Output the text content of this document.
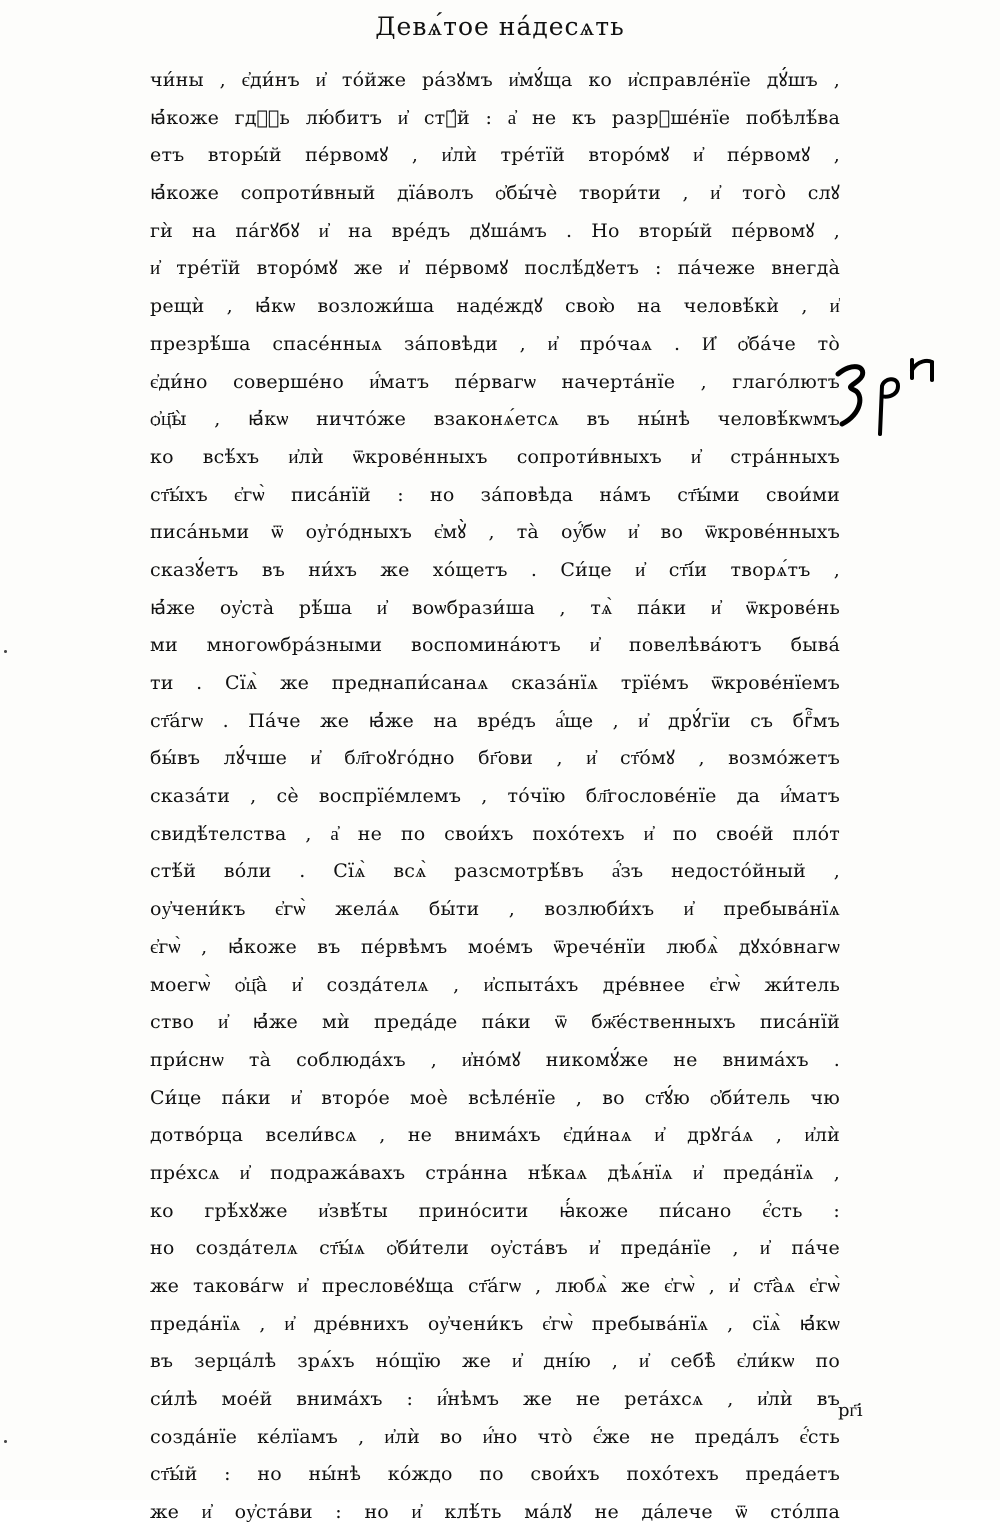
Девѧ́тое на́десѧть
чи́ны , є҆ди́нъ и҆ то́йже ра́зꙋмъ и҆мꙋ́ща ко и҆справле́нїе дꙋ́шъ ,
ꙗ҆́коже гдⷭ҇ь лю́битъ и҆ стꙋ́й : а҆ не къ разрꙋше́нїе побѣлѣ́ва
етъ вторы́й пе́рвомꙋ , и҆лѝ тре́тїй второ́мꙋ и҆ пе́рвомꙋ ,
ꙗ҆́коже сопроти́вный дїа́волъ ѻ҆бы́чѐ твори́ти , и҆ того̀ слꙋ
гѝ на па́гꙋбꙋ и҆ на вре́дъ дꙋша́мъ . Но вторы́й пе́рвомꙋ ,
и҆ тре́тїй второ́мꙋ же и҆ пе́рвомꙋ послѣ́дꙋетъ : па́чеже внегда̀
рещѝ , ꙗ҆́кѡ возложи́ша наде́ждꙋ свою̀ на человѣ́кѝ , и҆
презрѣ́ша спасе́нныѧ за́повѣди , и҆ про́чаѧ . И҆ ѻ҆ба́че то̀
є҆ди́но соверше́но и҆́матъ пе́рвагѡ начерта́нїе , глаго́лютъ
ѻ҆ц҃ы̀ , ꙗ҆́кѡ ничто́же взаконѧ́етсѧ въ ны́нѣ человѣ́кѡмъ
ко всѣ́хъ и҆лѝ ѿкрове́нныхъ сопроти́вныхъ и҆ стра́нныхъ
ст҃ы́хъ є҆гѡ̀ писа́нїй : но за́повѣда на́мъ ст҃ы́ми свои́ми
писа́ньми ѿ оу҆го́дныхъ є҆мꙋ̀ , та̀ оу҆́бѡ и҆ во ѿкрове́нныхъ
сказꙋ́етъ въ ни́хъ же хо́щетъ . Си́це и҆ ст҃і́и творѧ́тъ ,
ꙗ҆́же оу҆ста̀ рѣ́ша и҆ воѡбрази́ша , тѧ̀ па́ки и҆ ѿкрове́нь
ми многоѡбра́зными воспомина́ютъ и҆ повелѣва́ютъ быва́
ти . Сїѧ̀ же преднапи́санаѧ сказа́нїѧ трїе́мъ ѿкрове́нїемъ
ст҃а́гѡ . Па́че же ꙗ҆́же на вре́дъ а҆́ще , и҆ дрꙋ́гїи съ бгⷪ҇мъ
бы́въ лꙋ́чше и҆ бл҃гоꙋго́дно бг҃ови , и҆ ст҃о́мꙋ , возмо́жетъ
сказа́ти , сѐ воспрїе́млемъ , то́чїю бл҃гослове́нїе да и҆́матъ
свидѣ́телства , а҆ не по свои́хъ похо́техъ и҆ по свое́й пло́т
стѣ́й во́ли . Сїѧ̀ всѧ̀ разсмотрѣ́въ а҆́зъ недосто́йный ,
оу҆чени́къ є҆гѡ̀ жела́ѧ бы́ти , возлюби́хъ и҆ пребыва́нїѧ
є҆гѡ̀ , ꙗ҆́коже въ пе́рвѣмъ мое́мъ ѿрече́нїи любѧ̀ дꙋхо́внагѡ
моегѡ̀ ѻ҆ц҃а̀ и҆ созда́телѧ , и҆спыта́хъ дре́внее є҆гѡ̀ жи́тель
ство и҆ ꙗ҆́же мѝ преда́де па́ки ѿ бж҃е́ственныхъ писа́нїй
при́снѡ та̀ соблюда́хъ , и҆но́мꙋ никомꙋ́же не внима́хъ .
Си́це па́ки и҆ второ́е моѐ всѣле́нїе , во ст҃ꙋ́ю ѻ҆би́тель чю
дотво́рца всели́всѧ , не внима́хъ є҆ди́наѧ и҆ дрꙋга́ѧ , и҆лѝ
пре́хсѧ и҆ подража́вахъ стра́нна нѣ́каѧ дѣѧ́нїѧ и҆ преда́нїѧ ,
ко грѣ́хꙋже и҆звѣ́ты прино́сити ꙗ҆́коже пи́сано є҆́сть :
но созда́телѧ ст҃ы́ѧ ѻ҆би́тели оу҆ста́въ и҆ преда́нїе , и҆ па́че
же такова́гѡ и҆ преслове́ꙋща ст҃а́гѡ , любѧ̀ же є҆гѡ̀ , и҆ ст҃а̀ѧ є҆гѡ̀
преда́нїѧ , и҆ дре́внихъ оу҆чени́къ є҆гѡ̀ пребыва́нїѧ , сїѧ̀ ꙗ҆́кѡ
въ зерца́лѣ зрѧ́хъ но́щїю же и҆ дні́ю , и҆ себѣ̀ є҆ли́кѡ по
си́лѣ мое́й внима́хъ : и҆́нѣмъ же не рета́хсѧ , и҆лѝ въ
созда́нїе ке́лїамъ , и҆лѝ во и҆́но что̀ є҆́же не преда́лъ є҆́сть
ст҃ы́й : но ны́нѣ ко́ждо по свои́хъ похо́техъ преда́етъ
же и҆ оу҆ста́ви : но и҆ клѣ́ть ма́лꙋ не да́лече ѿ сто́лпа
рг҃і
